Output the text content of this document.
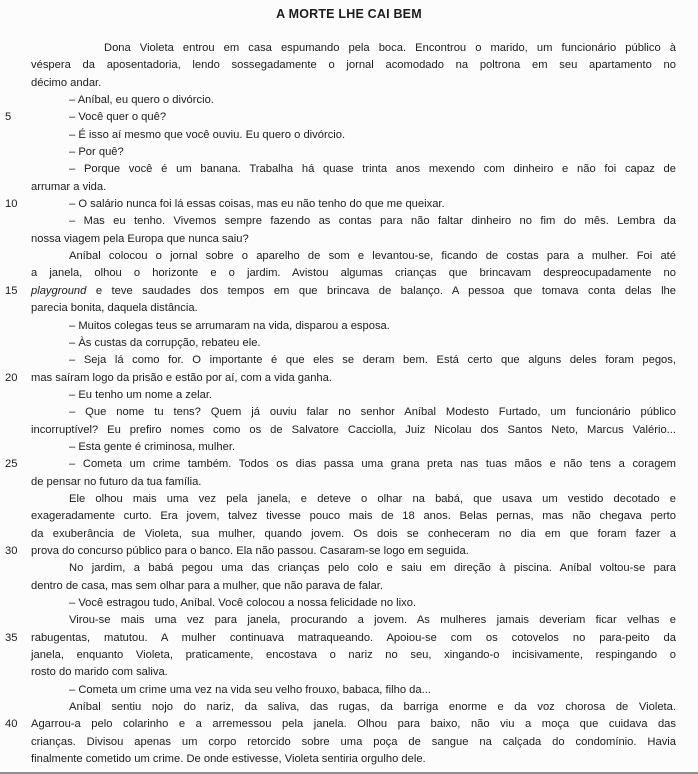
A MORTE LHE CAI BEM
Dona Violeta entrou em casa espumando pela boca. Encontrou o marido, um funcionário público à
véspera da aposentadoria, lendo sossegadamente o jornal acomodado na poltrona em seu apartamento no
décimo andar.
– Aníbal, eu quero o divórcio.
5	– Você quer o quê?
– É isso aí mesmo que você ouviu. Eu quero o divórcio.
– Por quê?
– Porque você é um banana. Trabalha há quase trinta anos mexendo com dinheiro e não foi capaz de
arrumar a vida.
10	– O salário nunca foi lá essas coisas, mas eu não tenho do que me queixar.
– Mas eu tenho. Vivemos sempre fazendo as contas para não faltar dinheiro no fim do mês. Lembra da
nossa viagem pela Europa que nunca saiu?
Aníbal colocou o jornal sobre o aparelho de som e levantou-se, ficando de costas para a mulher. Foi até
a janela, olhou o horizonte e o jardim. Avistou algumas crianças que brincavam despreocupadamente no
15	playground e teve saudades dos tempos em que brincava de balanço. A pessoa que tomava conta delas lhe
parecia bonita, daquela distância.
– Muitos colegas teus se arrumaram na vida, disparou a esposa.
– Às custas da corrupção, rebateu ele.
– Seja lá como for. O importante é que eles se deram bem. Está certo que alguns deles foram pegos,
20	mas saíram logo da prisão e estão por aí, com a vida ganha.
– Eu tenho um nome a zelar.
– Que nome tu tens? Quem já ouviu falar no senhor Aníbal Modesto Furtado, um funcionário público
incorruptível? Eu prefiro nomes como os de Salvatore Cacciolla, Juiz Nicolau dos Santos Neto, Marcus Valério...
– Esta gente é criminosa, mulher.
25	– Cometa um crime também. Todos os dias passa uma grana preta nas tuas mãos e não tens a coragem
de pensar no futuro da tua família.
Ele olhou mais uma vez pela janela, e deteve o olhar na babá, que usava um vestido decotado e
exageradamente curto. Era jovem, talvez tivesse pouco mais de 18 anos. Belas pernas, mas não chegava perto
da exuberância de Violeta, sua mulher, quando jovem. Os dois se conheceram no dia em que foram fazer a
30	prova do concurso público para o banco. Ela não passou. Casaram-se logo em seguida.
No jardim, a babá pegou uma das crianças pelo colo e saiu em direção à piscina. Aníbal voltou-se para
dentro de casa, mas sem olhar para a mulher, que não parava de falar.
– Você estragou tudo, Aníbal. Você colocou a nossa felicidade no lixo.
Virou-se mais uma vez para janela, procurando a jovem. As mulheres jamais deveriam ficar velhas e
35	rabugentas, matutou. A mulher continuava matraqueando. Apoiou-se com os cotovelos no para-peito da
janela, enquanto Violeta, praticamente, encostava o nariz no seu, xingando-o incisivamente, respingando o
rosto do marido com saliva.
– Cometa um crime uma vez na vida seu velho frouxo, babaca, filho da...
Aníbal sentiu nojo do nariz, da saliva, das rugas, da barriga enorme e da voz chorosa de Violeta.
40	Agarrou-a pelo colarinho e a arremessou pela janela. Olhou para baixo, não viu a moça que cuidava das
crianças. Divisou apenas um corpo retorcido sobre uma poça de sangue na calçada do condomínio. Havia
finalmente cometido um crime. De onde estivesse, Violeta sentiria orgulho dele.
